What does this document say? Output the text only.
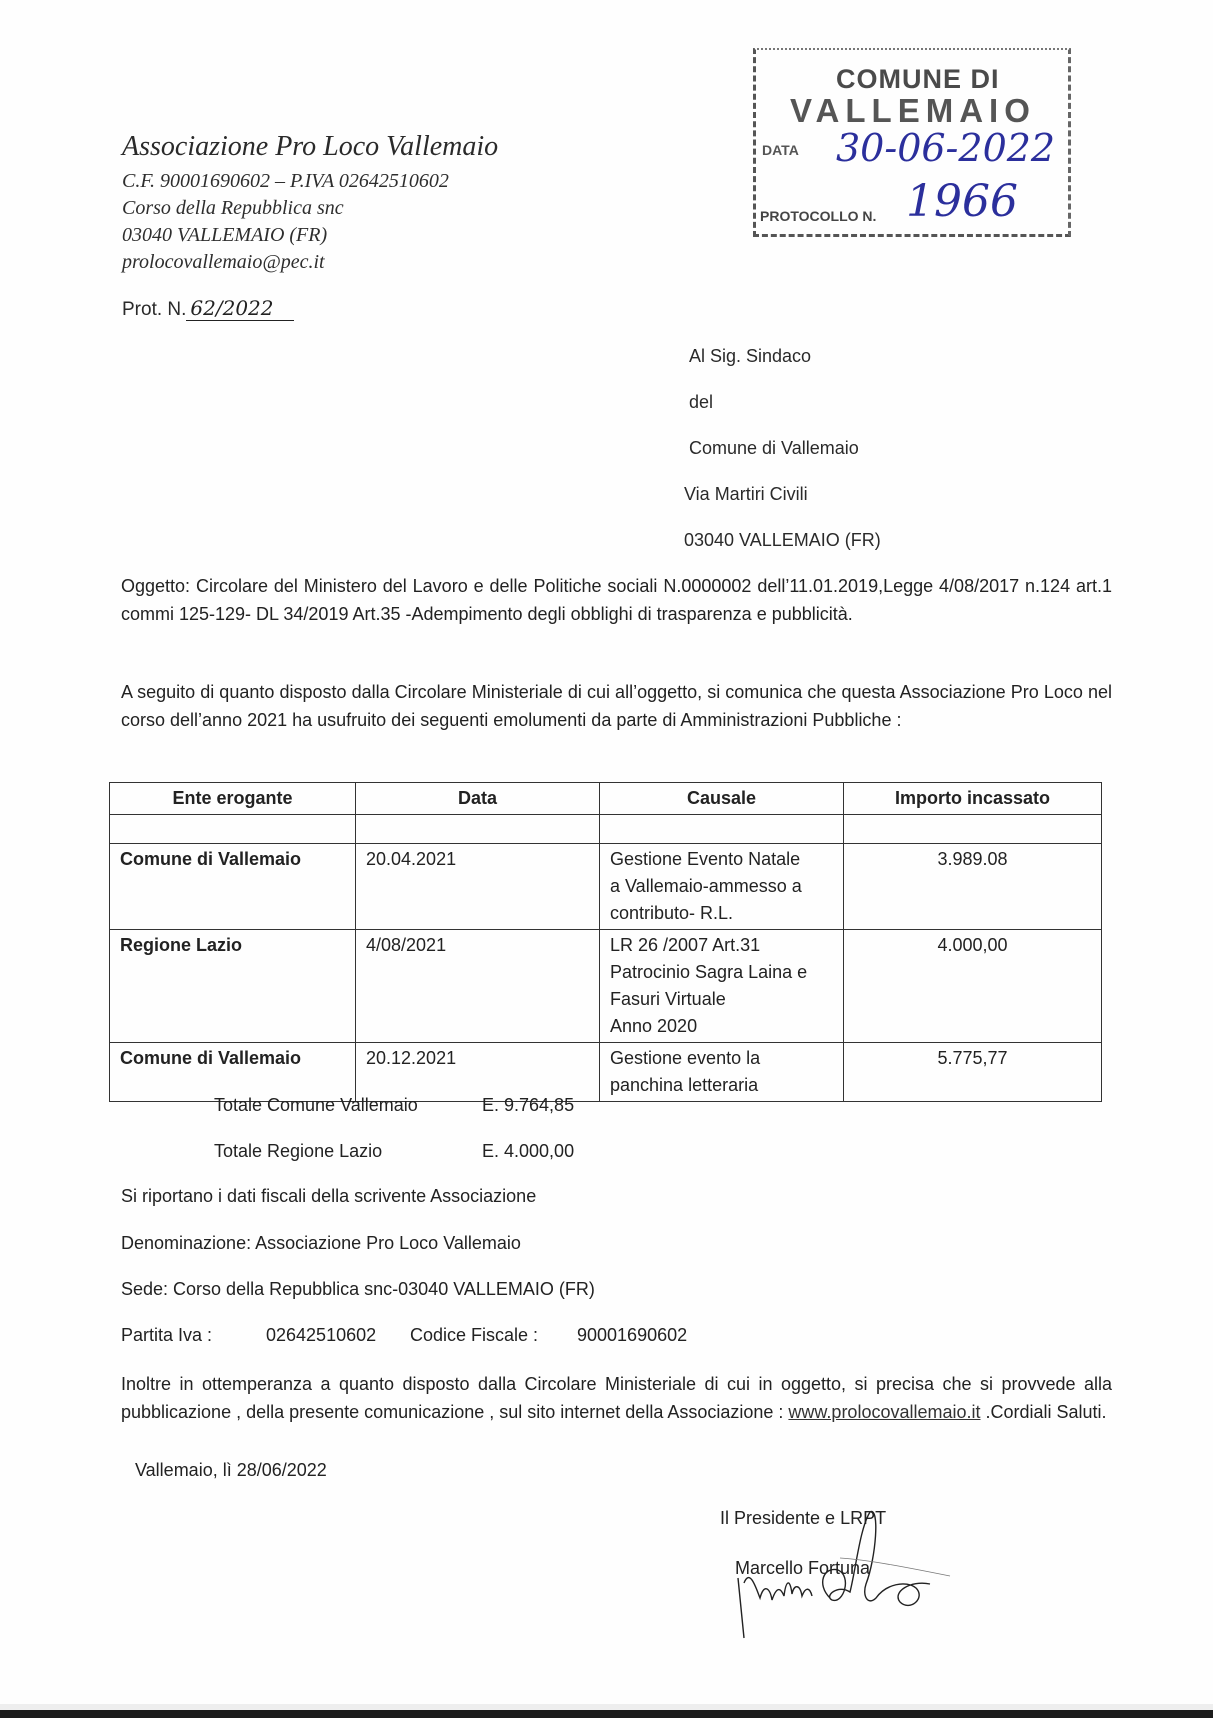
COMUNE DI
VALLEMAIO
DATA 30-06-2022
PROTOCOLLO N. 1966
Associazione Pro Loco Vallemaio
C.F. 90001690602 – P.IVA 02642510602
Corso della Repubblica snc
03040 VALLEMAIO (FR)
prolocovallemaio@pec.it
Prot. N. 62/2022
Al Sig. Sindaco
del
Comune di Vallemaio
Via Martiri Civili
03040 VALLEMAIO (FR)
Oggetto: Circolare del Ministero del Lavoro e delle Politiche sociali N.0000002 dell’11.01.2019,Legge 4/08/2017 n.124 art.1 commi 125-129- DL 34/2019 Art.35 -Adempimento degli obblighi di trasparenza e pubblicità.
A seguito di quanto disposto dalla Circolare Ministeriale di cui all’oggetto, si comunica che questa Associazione Pro Loco nel corso dell’anno 2021 ha usufruito dei seguenti emolumenti da parte di Amministrazioni Pubbliche :
Ente erogante	Data	Causale	Importo incassato

Comune di Vallemaio	20.04.2021	Gestione Evento Natale
a Vallemaio-ammesso a
contributo- R.L.	3.989.08
Regione Lazio	4/08/2021	LR 26 /2007 Art.31
Patrocinio Sagra Laina e
Fasuri Virtuale
Anno 2020	4.000,00
Comune di Vallemaio	20.12.2021	Gestione evento la
panchina letteraria	5.775,77
Totale Comune Vallemaio	E. 9.764,85
Totale Regione Lazio	E. 4.000,00
Si riportano i dati fiscali della scrivente Associazione
Denominazione: Associazione Pro Loco Vallemaio
Sede: Corso della Repubblica snc-03040 VALLEMAIO (FR)
Partita Iva :	02642510602 Codice Fiscale : 90001690602
Inoltre in ottemperanza a quanto disposto dalla Circolare Ministeriale di cui in oggetto, si precisa che si provvede alla pubblicazione , della presente comunicazione , sul sito internet della Associazione : www.prolocovallemaio.it .Cordiali Saluti.
Vallemaio, lì 28/06/2022
Il Presidente e LRPT
Marcello Fortuna
